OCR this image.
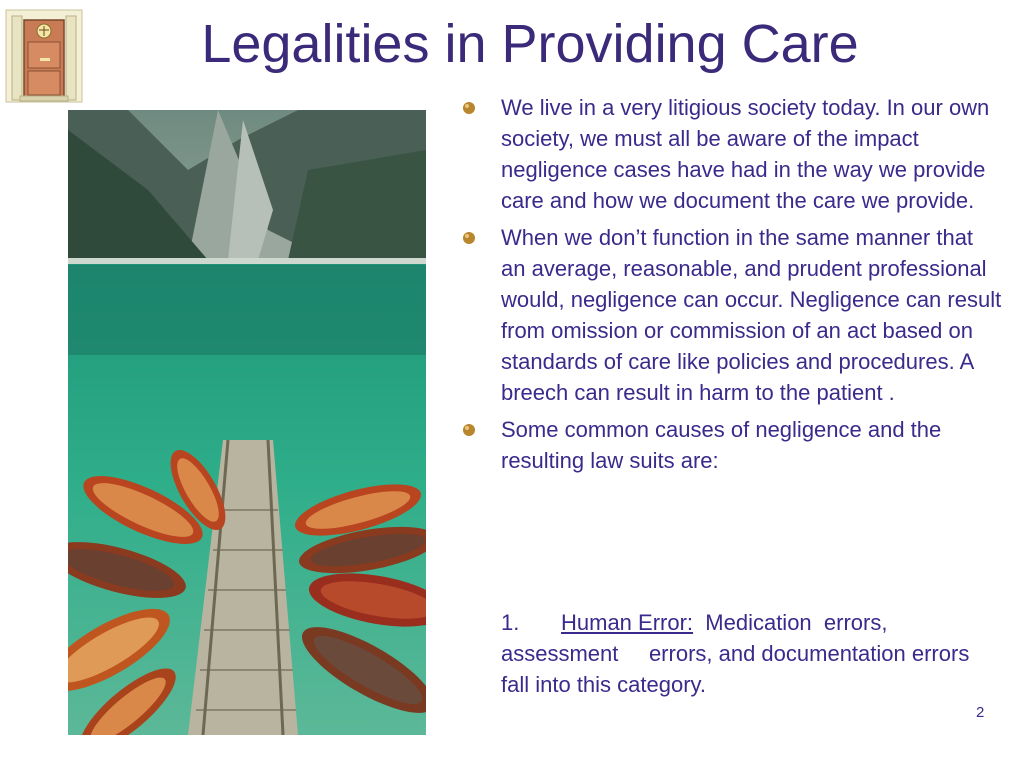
Legalities in Providing Care
We live in a very litigious society today. In our own society, we must all be aware of the impact negligence cases have had in the way we provide care and how we document the care we provide.
When we don’t function in the same manner that an average, reasonable, and prudent professional would, negligence can occur. Negligence can result from omission or commission of an act based on standards of care like policies and procedures. A breech can result in harm to the patient .
Some common causes of negligence and the resulting law suits are:
1. Human Error:  Medication  errors,
assessment     errors, and documentation errors fall into this category.
2
